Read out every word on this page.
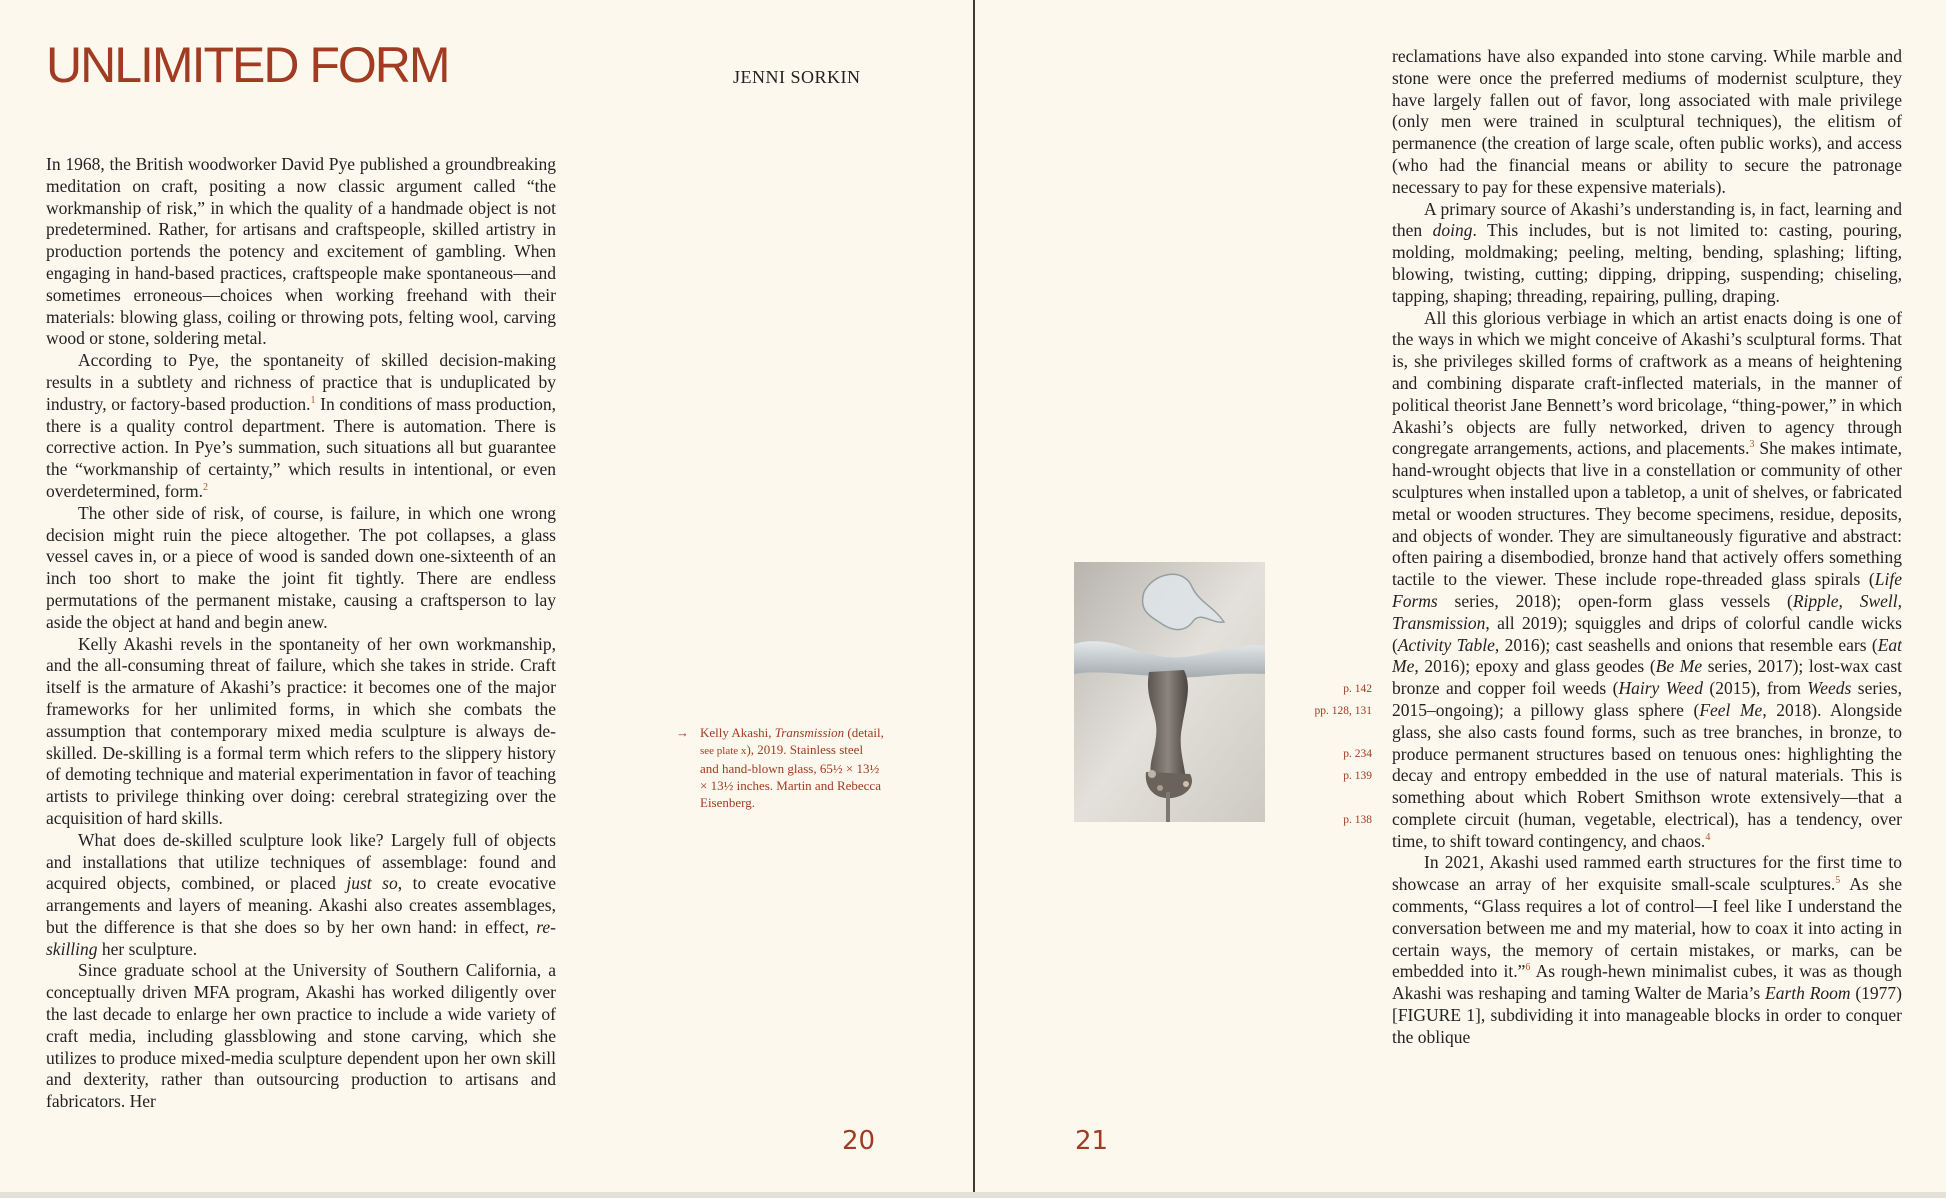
UNLIMITED FORM	JENNI SORKIN

In 1968, the British woodworker David Pye published a groundbreaking meditation on craft, positing a now classic argument called “the workmanship of risk,” in which the quality of a handmade object is not predetermined. Rather, for artisans and craftspeople, skilled artistry in production portends the potency and excitement of gambling. When engaging in hand-based practices, craftspeople make spontaneous—and sometimes erroneous—choices when working freehand with their materials: blowing glass, coiling or throwing pots, felting wool, carving wood or stone, soldering metal.

According to Pye, the spontaneity of skilled decision-making results in a subtlety and richness of practice that is unduplicated by industry, or factory-based production.$^1$ In conditions of mass production, there is a quality control department. There is automation. There is corrective action. In Pye’s summation, such situations all but guarantee the “workmanship of certainty,” which results in intentional, or even overdetermined, form.$^2$

The other side of risk, of course, is failure, in which one wrong decision might ruin the piece altogether. The pot collapses, a glass vessel caves in, or a piece of wood is sanded down one-sixteenth of an inch too short to make the joint fit tightly. There are endless permutations of the permanent mistake, causing a craftsperson to lay aside the object at hand and begin anew.

Kelly Akashi revels in the spontaneity of her own workmanship, and the all-consuming threat of failure, which she takes in stride. Craft itself is the armature of Akashi’s practice: it becomes one of the major frameworks for her unlimited forms, in which she combats the assumption that contemporary mixed media sculpture is always de-skilled. De-skilling is a formal term which refers to the slippery history of demoting technique and material experimentation in favor of teaching artists to privilege thinking over doing: cerebral strategizing over the acquisition of hard skills.

What does de-skilled sculpture look like? Largely full of objects and installations that utilize techniques of assemblage: found and acquired objects, combined, or placed just so, to create evocative arrangements and layers of meaning. Akashi also creates assemblages, but the difference is that she does so by her own hand: in effect, re-skilling her sculpture.

Since graduate school at the University of Southern California, a conceptually driven MFA program, Akashi has worked diligently over the last decade to enlarge her own practice to include a wide variety of craft media, including glassblowing and stone carving, which she utilizes to produce mixed-media sculpture dependent upon her own skill and dexterity, rather than outsourcing production to artisans and fabricators. Her

20
→ Kelly Akashi, Transmission (detail, see plate x), 2019. Stainless steel and hand-blown glass, 65½ × 13½ × 13½ inches. Martin and Rebecca Eisenberg.
21
p. 142
pp. 128, 131
p. 234
p. 139
p. 138

reclamations have also expanded into stone carving. While marble and stone were once the preferred mediums of modernist sculpture, they have largely fallen out of favor, long associated with male privilege (only men were trained in sculptural techniques), the elitism of permanence (the creation of large scale, often public works), and access (who had the financial means or ability to secure the patronage necessary to pay for these expensive materials).

A primary source of Akashi’s understanding is, in fact, learning and then doing. This includes, but is not limited to: casting, pouring, molding, moldmaking; peeling, melting, bending, splashing; lifting, blowing, twisting, cutting; dipping, dripping, suspending; chiseling, tapping, shaping; threading, repairing, pulling, draping.

All this glorious verbiage in which an artist enacts doing is one of the ways in which we might conceive of Akashi’s sculptural forms. That is, she privileges skilled forms of craftwork as a means of heightening and combining disparate craft-inflected materials, in the manner of political theorist Jane Bennett’s word bricolage, “thing-power,” in which Akashi’s objects are fully networked, driven to agency through congregate arrangements, actions, and placements.$^3$ She makes intimate, hand-wrought objects that live in a constellation or community of other sculptures when installed upon a tabletop, a unit of shelves, or fabricated metal or wooden structures. They become specimens, residue, deposits, and objects of wonder. They are simultaneously figurative and abstract: often pairing a disembodied, bronze hand that actively offers something tactile to the viewer. These include rope-threaded glass spirals (Life Forms series, 2018); open-form glass vessels (Ripple, Swell, Transmission, all 2019); squiggles and drips of colorful candle wicks (Activity Table, 2016); cast seashells and onions that resemble ears (Eat Me, 2016); epoxy and glass geodes (Be Me series, 2017); lost-wax cast bronze and copper foil weeds (Hairy Weed (2015), from Weeds series, 2015–ongoing); a pillowy glass sphere (Feel Me, 2018). Alongside glass, she also casts found forms, such as tree branches, in bronze, to produce permanent structures based on tenuous ones: highlighting the decay and entropy embedded in the use of natural materials. This is something about which Robert Smithson wrote extensively—that a complete circuit (human, vegetable, electrical), has a tendency, over time, to shift toward contingency, and chaos.$^4$

In 2021, Akashi used rammed earth structures for the first time to showcase an array of her exquisite small-scale sculptures.$^5$ As she comments, “Glass requires a lot of control—I feel like I understand the conversation between me and my material, how to coax it into acting in certain ways, the memory of certain mistakes, or marks, can be embedded into it.”$^6$ As rough-hewn minimalist cubes, it was as though Akashi was reshaping and taming Walter de Maria’s Earth Room (1977) [FIGURE 1], subdividing it into manageable blocks in order to conquer the oblique
